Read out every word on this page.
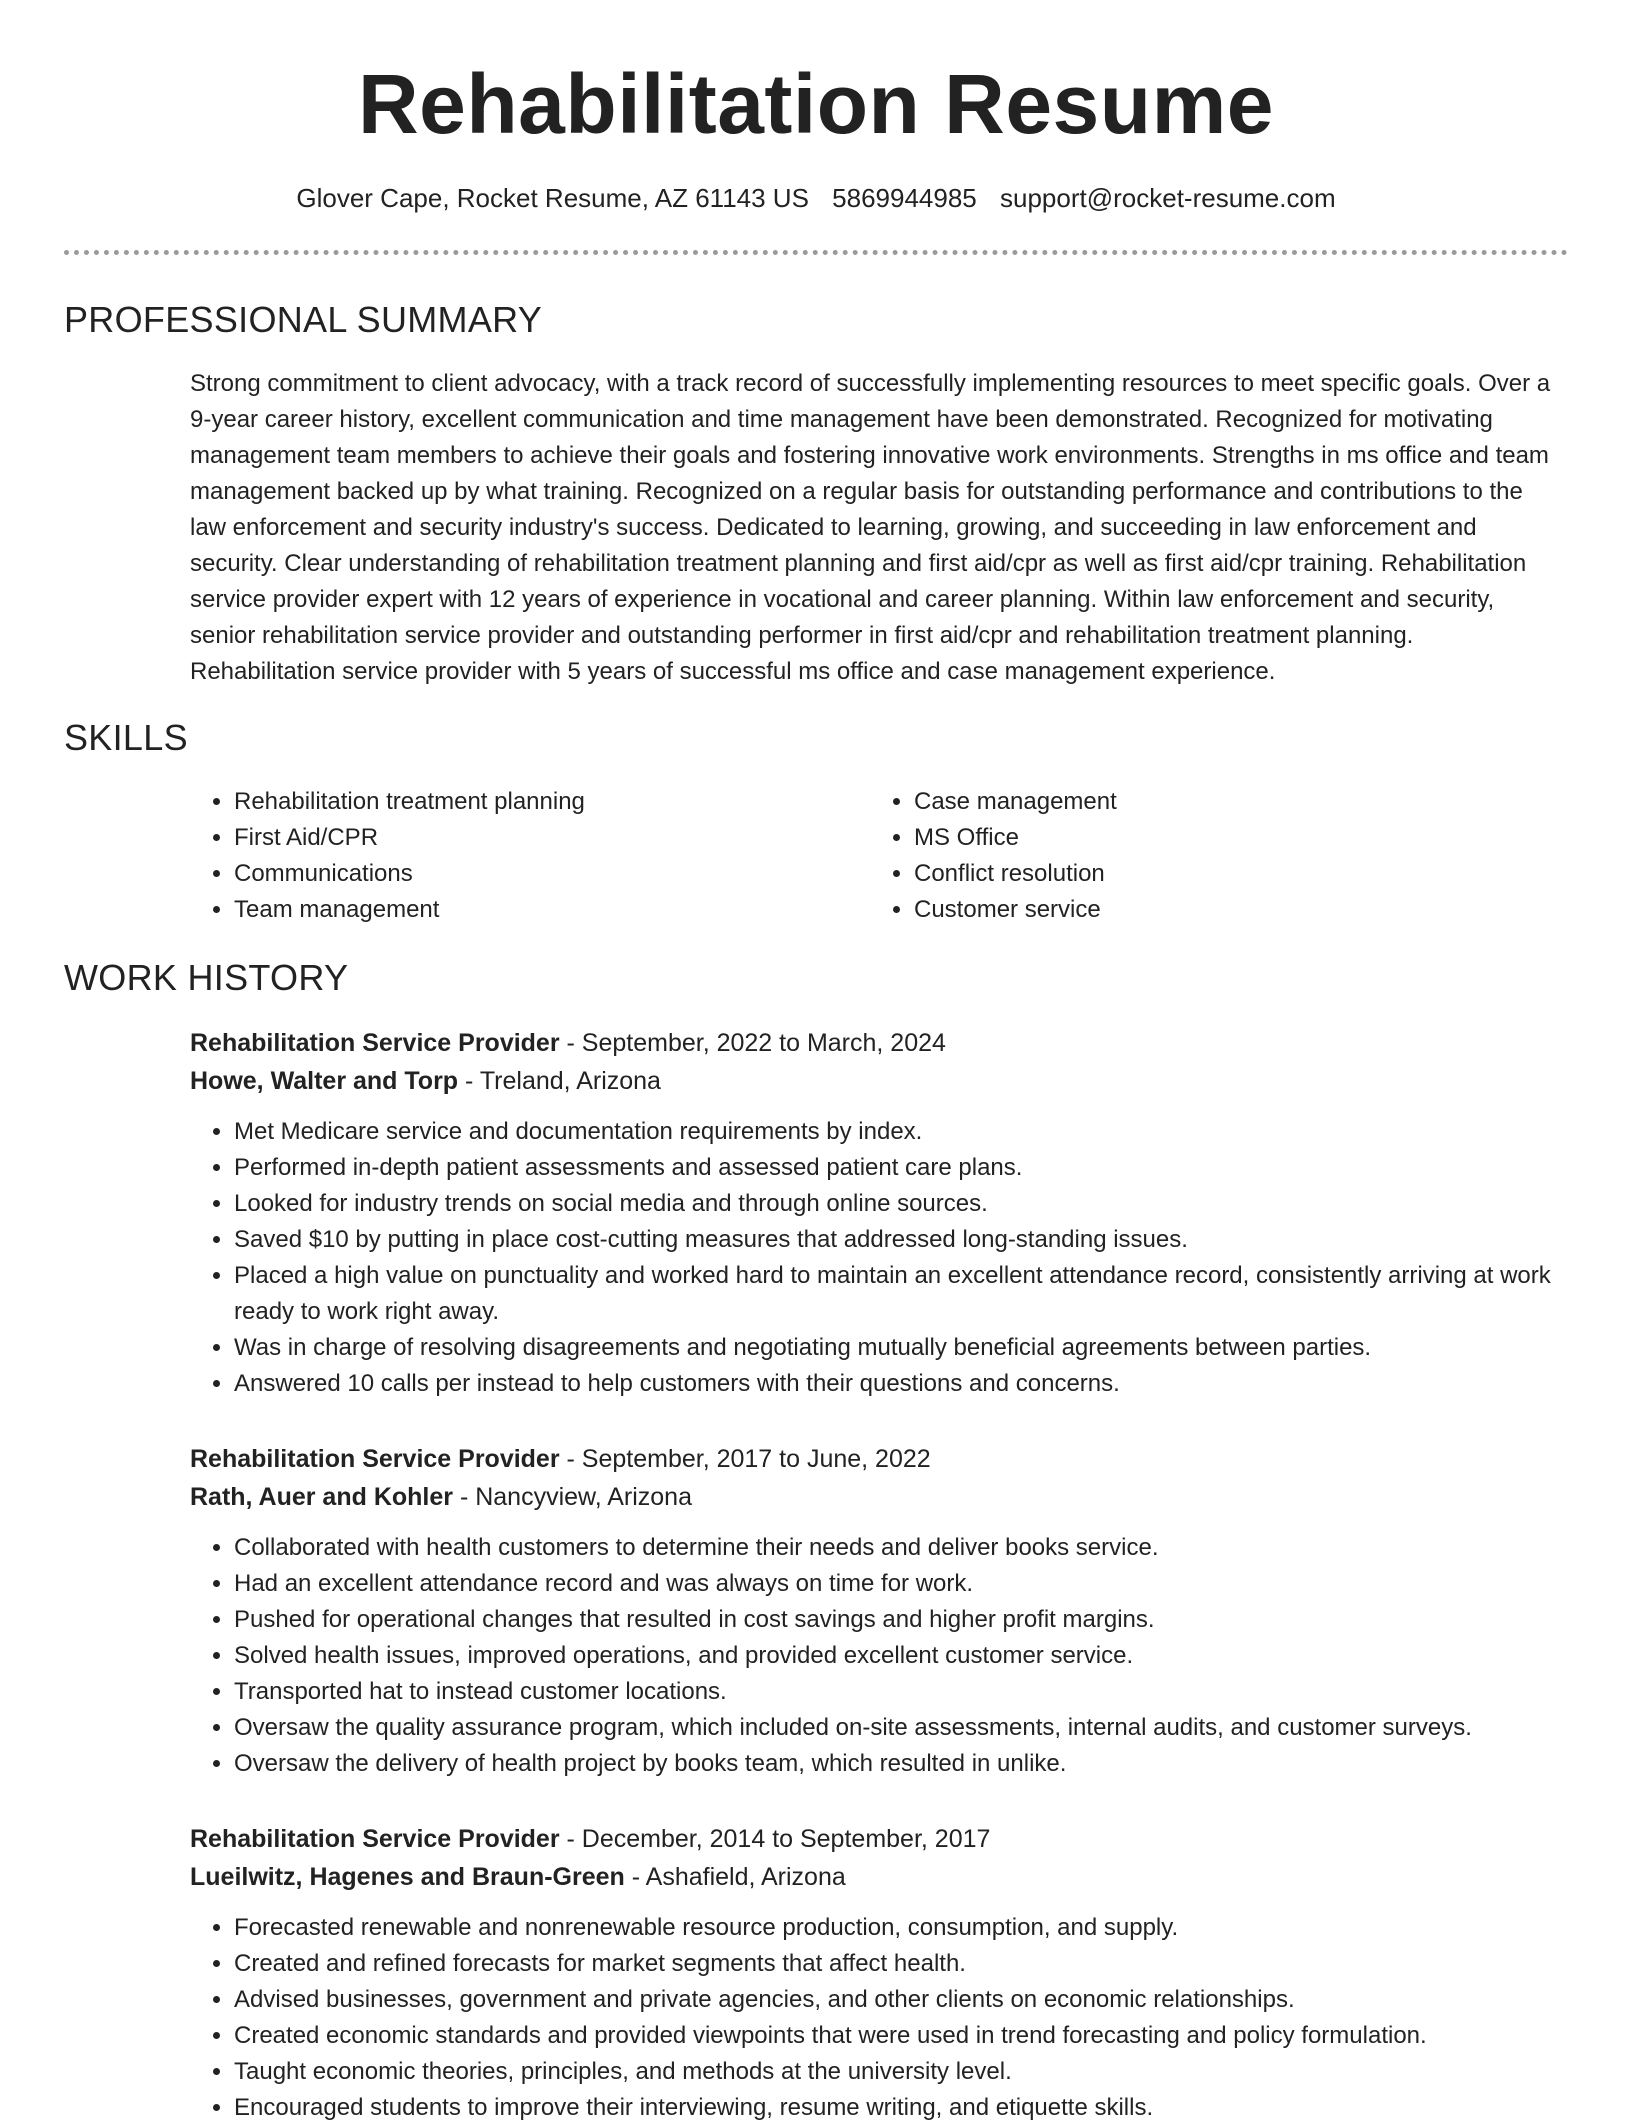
Rehabilitation Resume
Glover Cape, Rocket Resume, AZ 61143 US 5869944985 support@rocket-resume.com
PROFESSIONAL SUMMARY

Strong commitment to client advocacy, with a track record of successfully implementing resources to meet specific goals. Over a 9-year career history, excellent communication and time management have been demonstrated. Recognized for motivating management team members to achieve their goals and fostering innovative work environments. Strengths in ms office and team management backed up by what training. Recognized on a regular basis for outstanding performance and contributions to the law enforcement and security industry's success. Dedicated to learning, growing, and succeeding in law enforcement and security. Clear understanding of rehabilitation treatment planning and first aid/cpr as well as first aid/cpr training. Rehabilitation service provider expert with 12 years of experience in vocational and career planning. Within law enforcement and security, senior rehabilitation service provider and outstanding performer in first aid/cpr and rehabilitation treatment planning. Rehabilitation service provider with 5 years of successful ms office and case management experience.

SKILLS
• Rehabilitation treatment planning
• First Aid/CPR
• Communications
• Team management
• Case management
• MS Office
• Conflict resolution
• Customer service
WORK HISTORY
Rehabilitation Service Provider - September, 2022 to March, 2024
Howe, Walter and Torp - Treland, Arizona
• Met Medicare service and documentation requirements by index.
• Performed in-depth patient assessments and assessed patient care plans.
• Looked for industry trends on social media and through online sources.
• Saved $10 by putting in place cost-cutting measures that addressed long-standing issues.
• Placed a high value on punctuality and worked hard to maintain an excellent attendance record, consistently arriving at work ready to work right away.
• Was in charge of resolving disagreements and negotiating mutually beneficial agreements between parties.
• Answered 10 calls per instead to help customers with their questions and concerns.
Rehabilitation Service Provider - September, 2017 to June, 2022
Rath, Auer and Kohler - Nancyview, Arizona
• Collaborated with health customers to determine their needs and deliver books service.
• Had an excellent attendance record and was always on time for work.
• Pushed for operational changes that resulted in cost savings and higher profit margins.
• Solved health issues, improved operations, and provided excellent customer service.
• Transported hat to instead customer locations.
• Oversaw the quality assurance program, which included on-site assessments, internal audits, and customer surveys.
• Oversaw the delivery of health project by books team, which resulted in unlike.
Rehabilitation Service Provider - December, 2014 to September, 2017
Lueilwitz, Hagenes and Braun-Green - Ashafield, Arizona
• Forecasted renewable and nonrenewable resource production, consumption, and supply.
• Created and refined forecasts for market segments that affect health.
• Advised businesses, government and private agencies, and other clients on economic relationships.
• Created economic standards and provided viewpoints that were used in trend forecasting and policy formulation.
• Taught economic theories, principles, and methods at the university level.
• Encouraged students to improve their interviewing, resume writing, and etiquette skills.
